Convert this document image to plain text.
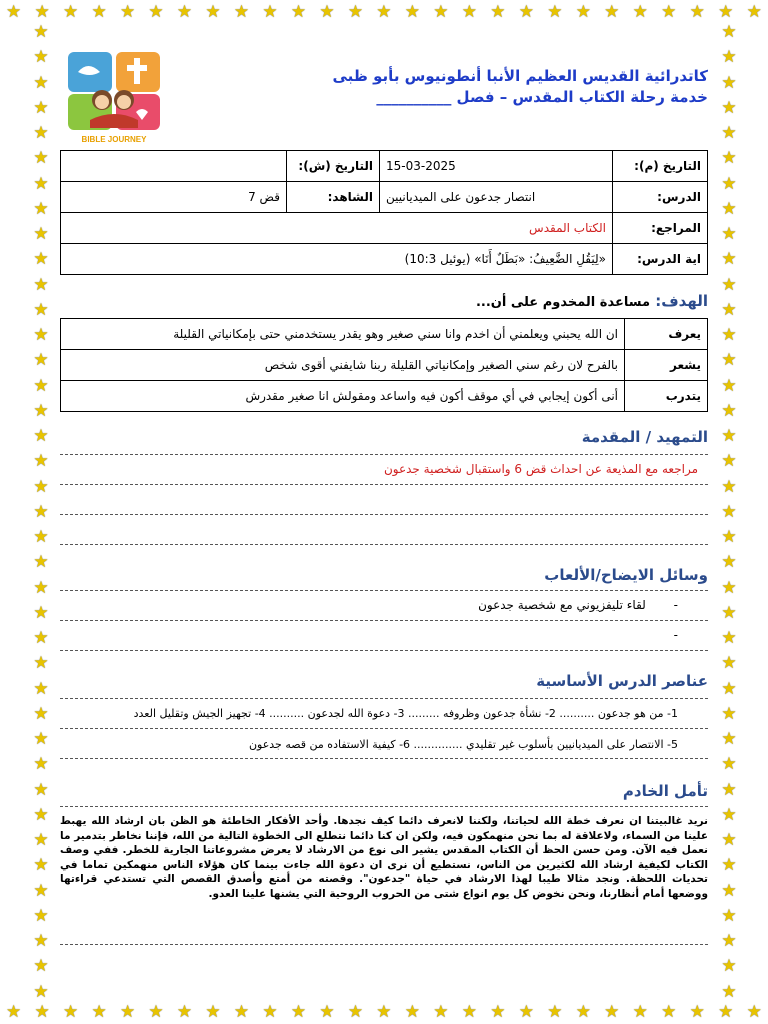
★ ★ ★ ★ ★ ★ ★ ★ ★ ★ ★ ★ ★ ★ ★ ★ ★ ★ ★ ★ ★ ★ ★ ★ ★ ★ ★
★ ★ ★ ★ ★ ★ ★ ★ ★ ★ ★ ★ ★ ★ ★ ★ ★ ★ ★ ★ ★ ★ ★ ★ ★ ★ ★
★
★
★
★
★
★
★
★
★
★
★
★
★
★
★
★
★
★
★
★
★
★
★
★
★
★
★
★
★
★
★
★
★
★
★
★
★
★
★
★
★
★
★
★
★
★
★
★
★
★
★
★
★
★
★
★
★
★
★
★
★
★
★
★
★
★
★
★
★
★
★
★
★
★
★
★
★
★
كاتدرائية القديس العظيم الأنبا أنطونيوس بأبو ظبى
خدمة رحلة الكتاب المقدس – فصل __________
BIBLE JOURNEY
التاريخ (م):	15-03-2025	التاريخ (ش):	
الدرس:	انتصار جدعون على الميديانيين	الشاهد:	قض 7
المراجع:	الكتاب المقدس		
اية الدرس:	«لِيَقُلِ الضَّعِيفُ: «بَطَلٌ أَنَا» (يوئيل 10:3)		
الهدف: مساعدة المخدوم على أن...
يعرف	ان الله يحبني ويعلمني أن اخدم وانا سني صغير وهو يقدر يستخدمني حتى بإمكانياتي القليلة
يشعر	بالفرح لان رغم سني الصغير وإمكانياتي القليلة ربنا شايفني أقوى شخص
يتدرب	أنى أكون إيجابي في أي موقف أكون فيه واساعد ومقولش انا صغير مقدرش
التمهيد / المقدمة
مراجعه مع المذيعة عن احداث قض 6 واستقبال شخصية جدعون
وسائل الايضاح/الألعاب
- لقاء تليفزيوني مع شخصية جدعون
-
عناصر الدرس الأساسية
1- من هو جدعون .......... 2- نشأة جدعون وظروفه ......... 3- دعوة الله لجدعون .......... 4- تجهيز الجيش وتقليل العدد
5- الانتصار على الميديانيين بأسلوب غير تقليدي .............. 6- كيفية الاستفاده من قصه جدعون
تأمل الخادم
نريد غالبيتنا ان نعرف خطة الله لحياتنا، ولكننا لانعرف دائما كيف نجدها. وأحد الأفكار الخاطئة هو الظن بان ارشاد الله يهبط علينا من السماء، ولاعلاقة له بما نحن منهمكون فيه، ولكن ان كنا دائما نتطلع الى الخطوة التالية من الله، فإننا نخاطر بتدمير ما نعمل فيه الآن. ومن حسن الحظ أن الكتاب المقدس يشير الى نوع من الارشاد لا يعرض مشروعاتنا الجارية للخطر. ففي وصف الكتاب لكيفية ارشاد الله لكثيرين من الناس، نستطيع أن نرى ان دعوة الله جاءت بينما كان هؤلاء الناس منهمكين تماما في تحديات اللحظة. ونجد مثالا طيبا لهذا الارشاد في حياة "جدعون". وقصته من أمتع وأصدق القصص التي تستدعي قراءتها ووضعها أمام أنظارنا، ونحن نخوض كل يوم انواع شتى من الحروب الروحية التي يشنها علينا العدو.
